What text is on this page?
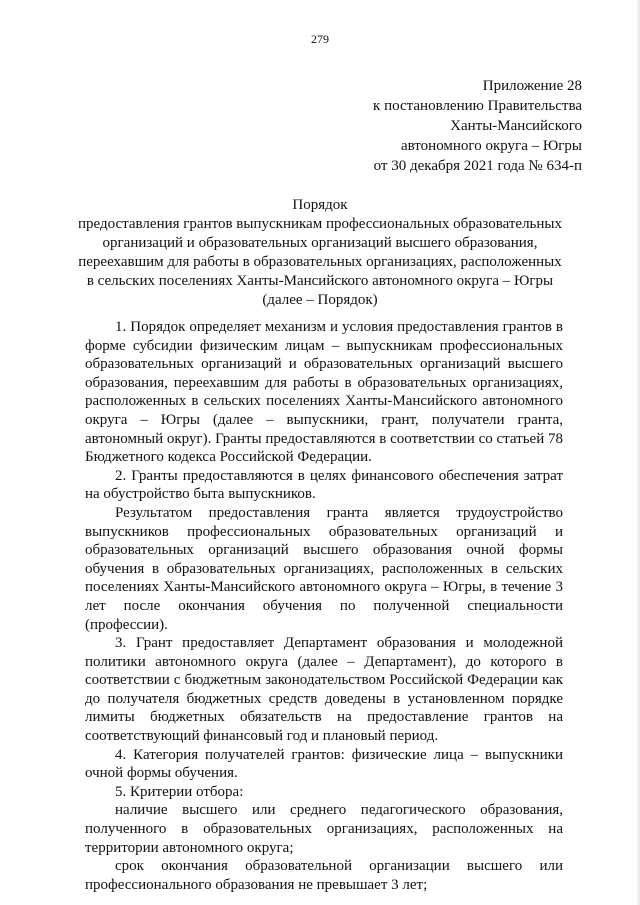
279
Приложение 28
к постановлению Правительства
Ханты-Мансийского
автономного округа – Югры
от 30 декабря 2021 года № 634-п
Порядок
предоставления грантов выпускникам профессиональных образовательных
организаций и образовательных организаций высшего образования,
переехавшим для работы в образовательных организациях, расположенных
в сельских поселениях Ханты-Мансийского автономного округа – Югры
(далее – Порядок)

1. Порядок определяет механизм и условия предоставления грантов в форме субсидии физическим лицам – выпускникам профессиональных образовательных организаций и образовательных организаций высшего образования, переехавшим для работы в образовательных организациях, расположенных в сельских поселениях Ханты-Мансийского автономного округа – Югры (далее – выпускники, грант, получатели гранта, автономный округ). Гранты предоставляются в соответствии со статьей 78 Бюджетного кодекса Российской Федерации.

2. Гранты предоставляются в целях финансового обеспечения затрат на обустройство быта выпускников.

Результатом предоставления гранта является трудоустройство выпускников профессиональных образовательных организаций и образовательных организаций высшего образования очной формы обучения в образовательных организациях, расположенных в сельских поселениях Ханты-Мансийского автономного округа – Югры, в течение 3 лет после окончания обучения по полученной специальности (профессии).

3. Грант предоставляет Департамент образования и молодежной политики автономного округа (далее – Департамент), до которого в соответствии с бюджетным законодательством Российской Федерации как до получателя бюджетных средств доведены в установленном порядке лимиты бюджетных обязательств на предоставление грантов на соответствующий финансовый год и плановый период.

4. Категория получателей грантов: физические лица – выпускники очной формы обучения.

5. Критерии отбора:

наличие высшего или среднего педагогического образования, полученного в образовательных организациях, расположенных на территории автономного округа;

срок окончания образовательной организации высшего или профессионального образования не превышает 3 лет;
